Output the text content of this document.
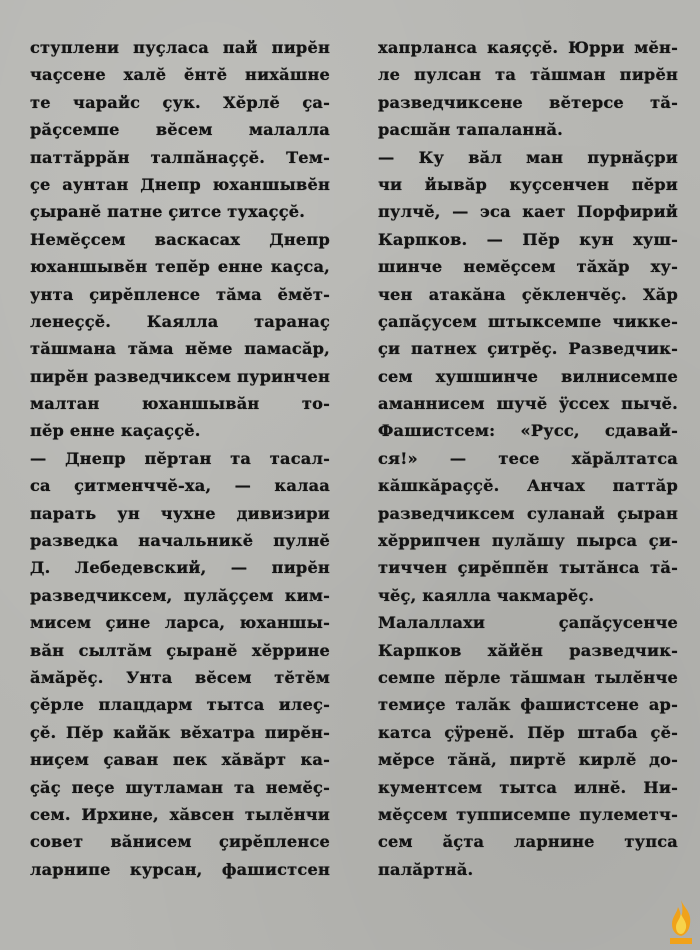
ступлени пуçласа пай пирĕн
чаçсене халĕ ĕнтĕ нихăшне
те чарайс çук. Хĕрлĕ ça-
рăçсемпе вĕсем малалла
паттăррăн талпăнаççĕ. Тем-
çе аунтан Днепр юханшывĕн
çыранĕ патне çитсе тухаççĕ.
Немĕçсем васкасах Днепр
юханшывĕн тепĕр енне каçса,
унта çирĕпленсе тăма ĕмĕт-
ленеççĕ. Каялла таранаç
тăшмана тăма нĕме памасăр,
пирĕн разведчиксем пуринчен
малтан юханшывăн то-
пĕр енне каçаççĕ.
— Днепр пĕртан та тасал-
са çитменччĕ-ха, — калаа
парать ун чухне дивизири
разведка начальникĕ пулнĕ
Д. Лебедевский, — пирĕн
разведчиксем, пулăççем ким-
мисем çине ларса, юханшы-
вăн сылтăм çыранĕ хĕррине
ăмăрĕç. Унта вĕсем тĕтĕм
çĕрле плацдарм тытса илеç-
çĕ. Пĕр кайăк вĕхатра пирĕн-
ниçем çаван пек хăвăрт ка-
çăç пеçе шутламан та немĕç-
сем. Ирхине, хăвсен тылĕнчи
совет вăнисем çирĕпленсе
ларнипе курсан, фашистсен
хапрланса каяççĕ. Юрри мĕн-
ле пулсан та тăшман пирĕн
разведчиксене вĕтерсе тă-
расшăн тапаланнă.
— Ку вăл ман пурнăçри
чи йывăр куçсенчен пĕри
пулчĕ, — эса кает Порфирий
Карпков. — Пĕр кун хуш-
шинче немĕçсем тăхăр ху-
чен атакăна çĕкленчĕç. Хăр
çапăçусем штыксемпе чикке-
çи патнех çитрĕç. Разведчик-
сем хушшинче вилнисемпе
аманнисем шучĕ ÿссех пычĕ.
Фашистсем: «Русс, сдавай-
ся!» — тесе хăрăлтатса
кăшкăраççĕ. Анчах паттăр
разведчиксем суланай çыран
хĕррипчен пулăшу пырса çи-
тиччен çирĕппĕн тытăнса тă-
чĕç, каялла чакмарĕç.
Малаллахи çапăçусенче
Карпков хăйĕн разведчик-
семпе пĕрле тăшман тылĕнче
темиçе талăк фашистсене ар-
катса çÿренĕ. Пĕр штаба çĕ-
мĕрсе тăнă, пиртĕ кирлĕ до-
кументсем тытса илнĕ. Ни-
мĕçсем тупписемпе пулеметч-
сем ăçта ларнине тупса
палăртнă.
